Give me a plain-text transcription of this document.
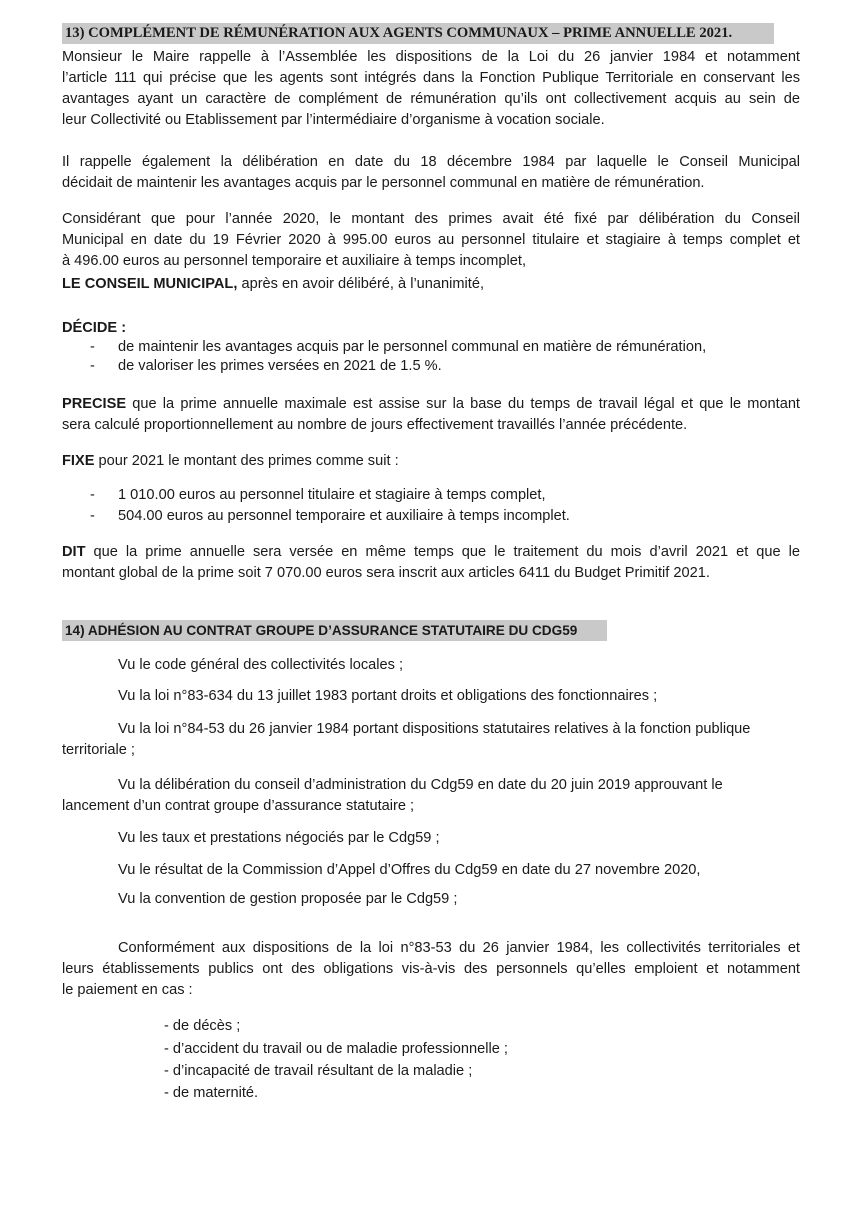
13) COMPLÉMENT DE RÉMUNÉRATION AUX AGENTS COMMUNAUX – PRIME ANNUELLE 2021.
Monsieur le Maire rappelle à l’Assemblée les dispositions de la Loi du 26 janvier 1984 et notamment
l’article 111 qui précise que les agents sont intégrés dans la Fonction Publique Territoriale en conservant les
avantages ayant un caractère de complément de rémunération qu’ils ont collectivement acquis au sein de
leur Collectivité ou Etablissement par l’intermédiaire d’organisme à vocation sociale.
Il rappelle également la délibération en date du 18 décembre 1984 par laquelle le Conseil Municipal
décidait de maintenir les avantages acquis par le personnel communal en matière de rémunération.
Considérant que pour l’année 2020, le montant des primes avait été fixé par délibération du Conseil
Municipal en date du 19 Février 2020 à 995.00 euros au personnel titulaire et stagiaire à temps complet et
à 496.00 euros au personnel temporaire et auxiliaire à temps incomplet,
LE CONSEIL MUNICIPAL, après en avoir délibéré, à l’unanimité,
DÉCIDE :
- de maintenir les avantages acquis par le personnel communal en matière de rémunération,
- de valoriser les primes versées en 2021 de 1.5 %.
PRECISE que la prime annuelle maximale est assise sur la base du temps de travail légal et que le montant
sera calculé proportionnellement au nombre de jours effectivement travaillés l’année précédente.
FIXE pour 2021 le montant des primes comme suit :
- 1 010.00 euros au personnel titulaire et stagiaire à temps complet,
- 504.00 euros au personnel temporaire et auxiliaire à temps incomplet.
DIT que la prime annuelle sera versée en même temps que le traitement du mois d’avril 2021 et que le
montant global de la prime soit 7 070.00 euros sera inscrit aux articles 6411 du Budget Primitif 2021.
14) ADHÉSION AU CONTRAT GROUPE D’ASSURANCE STATUTAIRE DU CDG59
Vu le code général des collectivités locales ;
Vu la loi n°83-634 du 13 juillet 1983 portant droits et obligations des fonctionnaires ;
Vu la loi n°84-53 du 26 janvier 1984 portant dispositions statutaires relatives à la fonction publique
territoriale ;
Vu la délibération du conseil d’administration du Cdg59 en date du 20 juin 2019 approuvant le
lancement d’un contrat groupe d’assurance statutaire ;
Vu les taux et prestations négociés par le Cdg59 ;
Vu le résultat de la Commission d’Appel d’Offres du Cdg59 en date du 27 novembre 2020,
Vu la convention de gestion proposée par le Cdg59 ;
Conformément aux dispositions de la loi n°83-53 du 26 janvier 1984, les collectivités territoriales et
leurs établissements publics ont des obligations vis-à-vis des personnels qu’elles emploient et notamment
le paiement en cas :
- de décès ;
- d’accident du travail ou de maladie professionnelle ;
- d’incapacité de travail résultant de la maladie ;
- de maternité.
